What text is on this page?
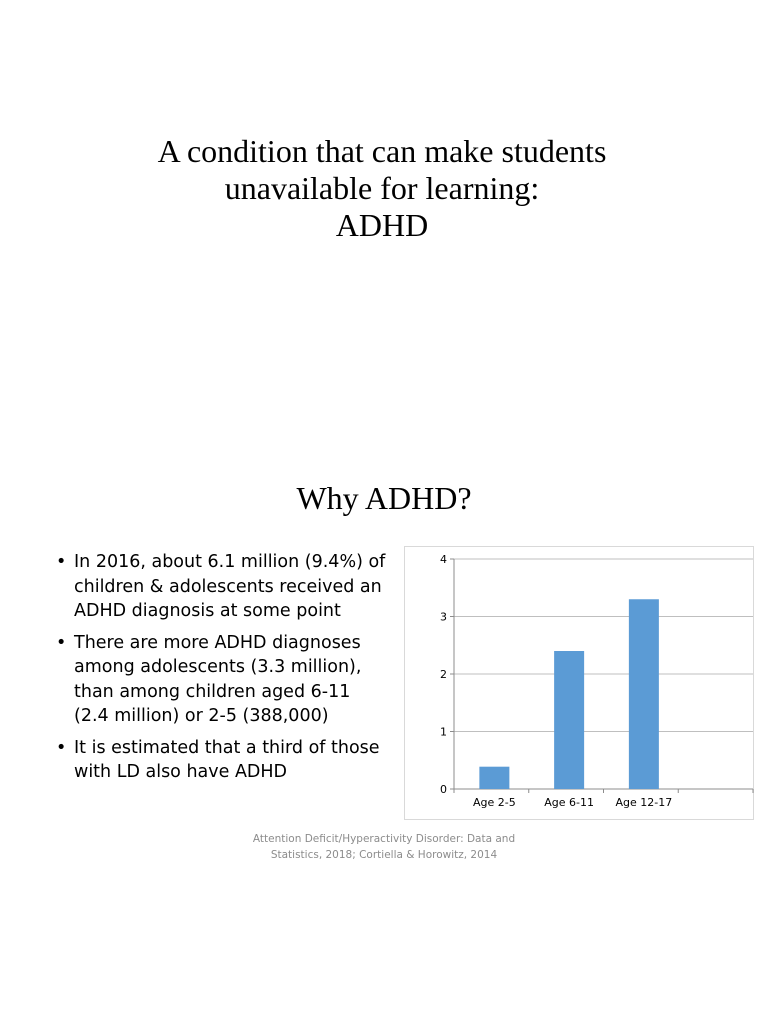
A condition that can make students
unavailable for learning:
ADHD
Why ADHD?
• In 2016, about 6.1 million (9.4%) of children & adolescents received an ADHD diagnosis at some point
• There are more ADHD diagnoses among adolescents (3.3 million), than among children aged 6-11 (2.4 million) or 2-5 (388,000)
• It is estimated that a third of those with LD also have ADHD
0
1
2
3
4
Age 2-5	Age 6-11 Age 12-17
Attention Deficit/Hyperactivity Disorder: Data and Statistics, 2018; Cortiella & Horowitz, 2014
